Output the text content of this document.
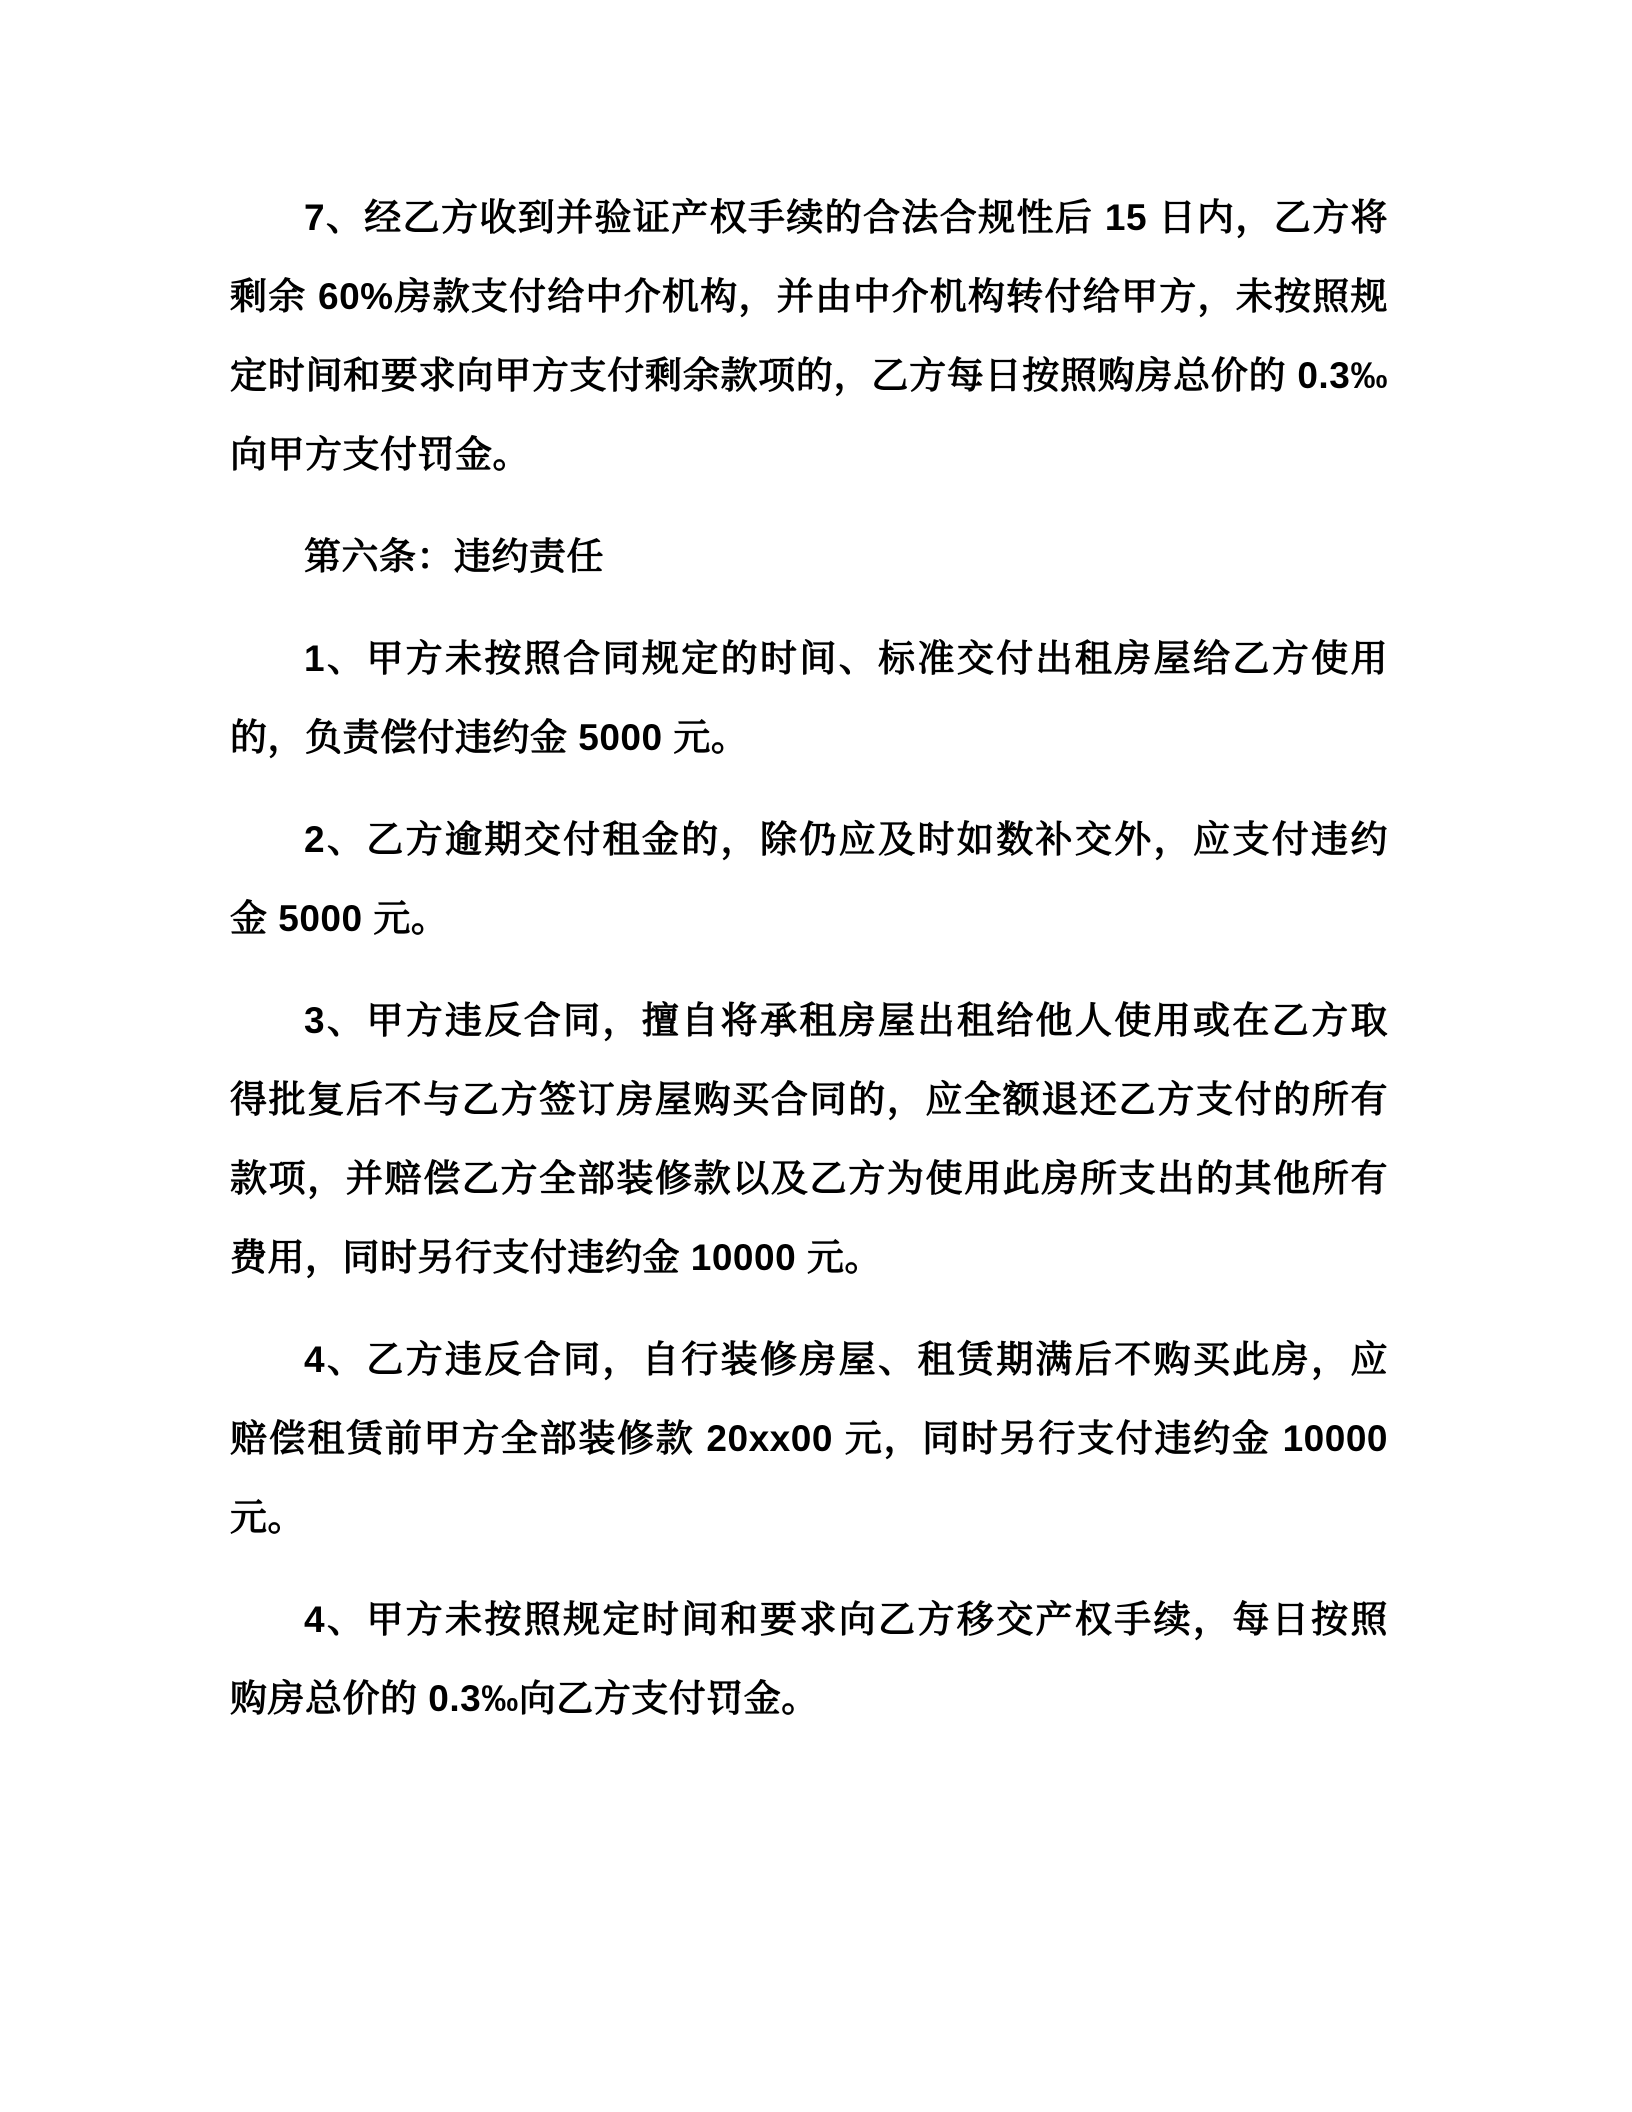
7、经乙方收到并验证产权手续的合法合规性后 15 日内，乙方将
剩余 60%房款支付给中介机构，并由中介机构转付给甲方，未按照规
定时间和要求向甲方支付剩余款项的，乙方每日按照购房总价的 0.3‰
向甲方支付罚金。
第六条：违约责任
1、甲方未按照合同规定的时间、标准交付出租房屋给乙方使用
的，负责偿付违约金 5000 元。
2、乙方逾期交付租金的，除仍应及时如数补交外，应支付违约
金 5000 元。
3、甲方违反合同，擅自将承租房屋出租给他人使用或在乙方取
得批复后不与乙方签订房屋购买合同的，应全额退还乙方支付的所有
款项，并赔偿乙方全部装修款以及乙方为使用此房所支出的其他所有
费用，同时另行支付违约金 10000 元。
4、乙方违反合同，自行装修房屋、租赁期满后不购买此房，应
赔偿租赁前甲方全部装修款 20xx00 元，同时另行支付违约金 10000
元。
4、甲方未按照规定时间和要求向乙方移交产权手续，每日按照
购房总价的 0.3‰向乙方支付罚金。
